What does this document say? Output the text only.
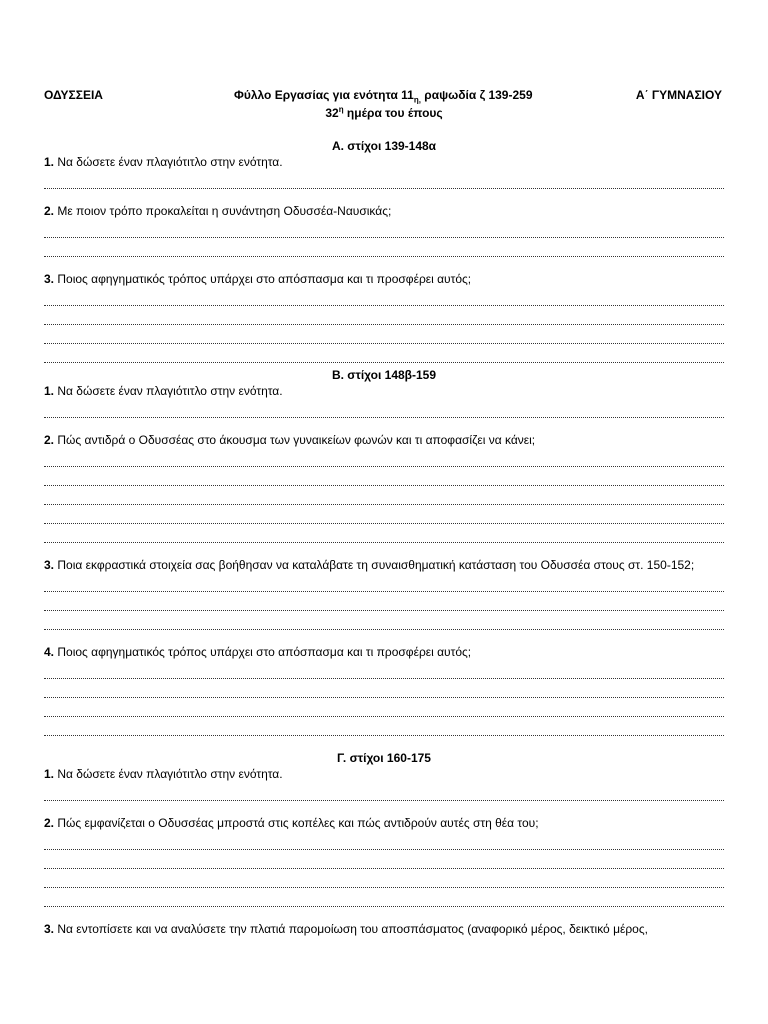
ΟΔΥΣΣΕΙΑ	Φύλλο Εργασίας για ενότητα $11_{\eta,}$ ραψωδία ζ 139-259	Α΄ ΓΥΜΝΑΣΙΟΥ
$32^\eta$ ημέρα του έπους
Α. στίχοι 139-148α
1. Να δώσετε έναν πλαγιότιτλο στην ενότητα.
2. Με ποιον τρόπο προκαλείται η συνάντηση Οδυσσέα-Ναυσικάς;
3. Ποιος αφηγηματικός τρόπος υπάρχει στο απόσπασμα και τι προσφέρει αυτός;
Β. στίχοι 148β-159
1. Να δώσετε έναν πλαγιότιτλο στην ενότητα.
2. Πώς αντιδρά ο Οδυσσέας στο άκουσμα των γυναικείων φωνών και τι αποφασίζει να κάνει;
3. Ποια εκφραστικά στοιχεία σας βοήθησαν να καταλάβατε τη συναισθηματική κατάσταση του Οδυσσέα στους στ. 150-152;
4. Ποιος αφηγηματικός τρόπος υπάρχει στο απόσπασμα και τι προσφέρει αυτός;
Γ. στίχοι 160-175
1. Να δώσετε έναν πλαγιότιτλο στην ενότητα.
2. Πώς εμφανίζεται ο Οδυσσέας μπροστά στις κοπέλες και πώς αντιδρούν αυτές στη θέα του;
3. Να εντοπίσετε και να αναλύσετε την πλατιά παρομοίωση του αποσπάσματος (αναφορικό μέρος, δεικτικό μέρος,
